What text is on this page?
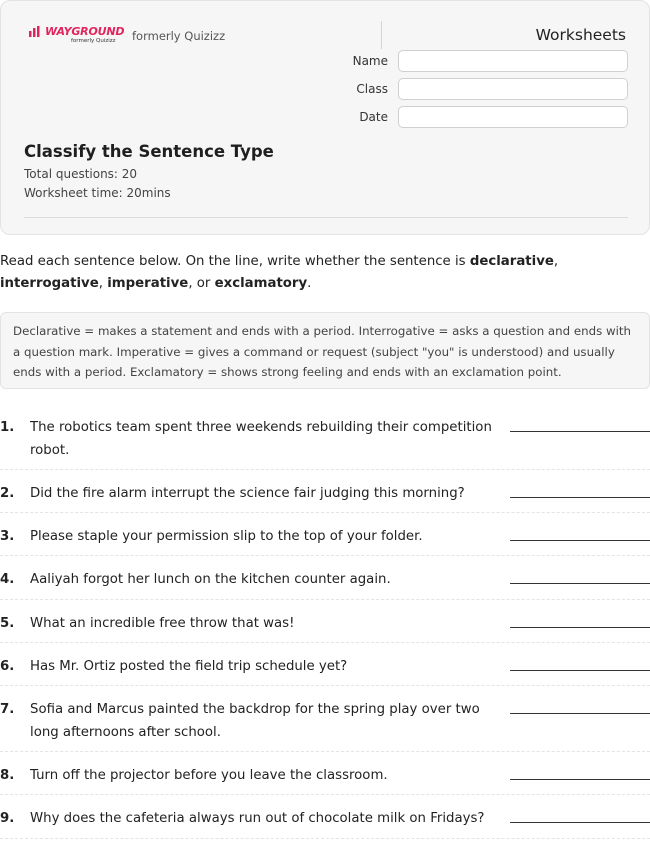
WAYGROUND
formerly Quizizz formerly Quizizz	Worksheets
Name
Class
Date
Classify the Sentence Type
Total questions: 20
Worksheet time: 20mins

Read each sentence below. On the line, write whether the sentence is declarative, interrogative, imperative, or exclamatory.

Declarative = makes a statement and ends with a period. Interrogative = asks a question and ends with a question mark. Imperative = gives a command or request (subject "you" is understood) and usually ends with a period. Exclamatory = shows strong feeling and ends with an exclamation point.
1. The robotics team spent three weekends rebuilding their competition robot.
2. Did the fire alarm interrupt the science fair judging this morning?
3. Please staple your permission slip to the top of your folder.
4. Aaliyah forgot her lunch on the kitchen counter again.
5. What an incredible free throw that was!
6. Has Mr. Ortiz posted the field trip schedule yet?
7. Sofia and Marcus painted the backdrop for the spring play over two long afternoons after school.
8. Turn off the projector before you leave the classroom.
9. Why does the cafeteria always run out of chocolate milk on Fridays?
